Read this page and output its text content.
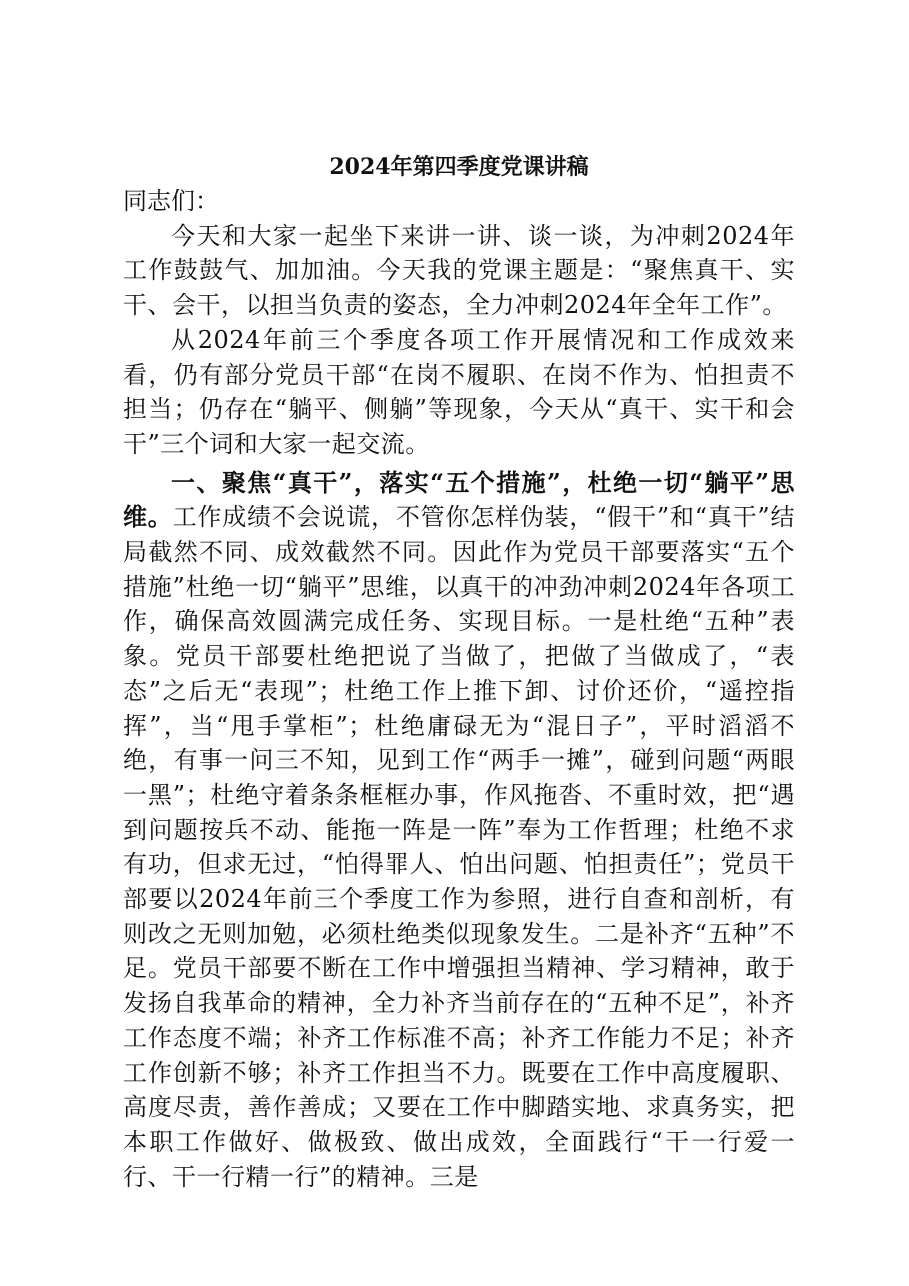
2024年第四季度党课讲稿

同志们：

今天和大家一起坐下来讲一讲、谈一谈，为冲刺2024年工作鼓鼓气、加加油。今天我的党课主题是：“聚焦真干、实干、会干，以担当负责的姿态，全力冲刺2024年全年工作”。

从2024年前三个季度各项工作开展情况和工作成效来看，仍有部分党员干部“在岗不履职、在岗不作为、怕担责不担当；仍存在“躺平、侧躺”等现象，今天从“真干、实干和会干”三个词和大家一起交流。

一、聚焦“真干”，落实“五个措施”，杜绝一切“躺平”思维。工作成绩不会说谎，不管你怎样伪装，“假干”和“真干”结局截然不同、成效截然不同。因此作为党员干部要落实“五个措施”杜绝一切“躺平”思维，以真干的冲劲冲刺2024年各项工作，确保高效圆满完成任务、实现目标。一是杜绝“五种”表象。党员干部要杜绝把说了当做了，把做了当做成了，“表态”之后无“表现”；杜绝工作上推下卸、讨价还价，“遥控指挥”，当“甩手掌柜”；杜绝庸碌无为“混日子”，平时滔滔不绝，有事一问三不知，见到工作“两手一摊”，碰到问题“两眼一黑”；杜绝守着条条框框办事，作风拖沓、不重时效，把“遇到问题按兵不动、能拖一阵是一阵”奉为工作哲理；杜绝不求有功，但求无过，“怕得罪人、怕出问题、怕担责任”；党员干部要以2024年前三个季度工作为参照，进行自查和剖析，有则改之无则加勉，必须杜绝类似现象发生。二是补齐“五种”不足。党员干部要不断在工作中增强担当精神、学习精神，敢于发扬自我革命的精神，全力补齐当前存在的“五种不足”，补齐工作态度不端；补齐工作标准不高；补齐工作能力不足；补齐工作创新不够；补齐工作担当不力。既要在工作中高度履职、高度尽责，善作善成；又要在工作中脚踏实地、求真务实，把本职工作做好、做极致、做出成效，全面践行“干一行爱一行、干一行精一行”的精神。三是
